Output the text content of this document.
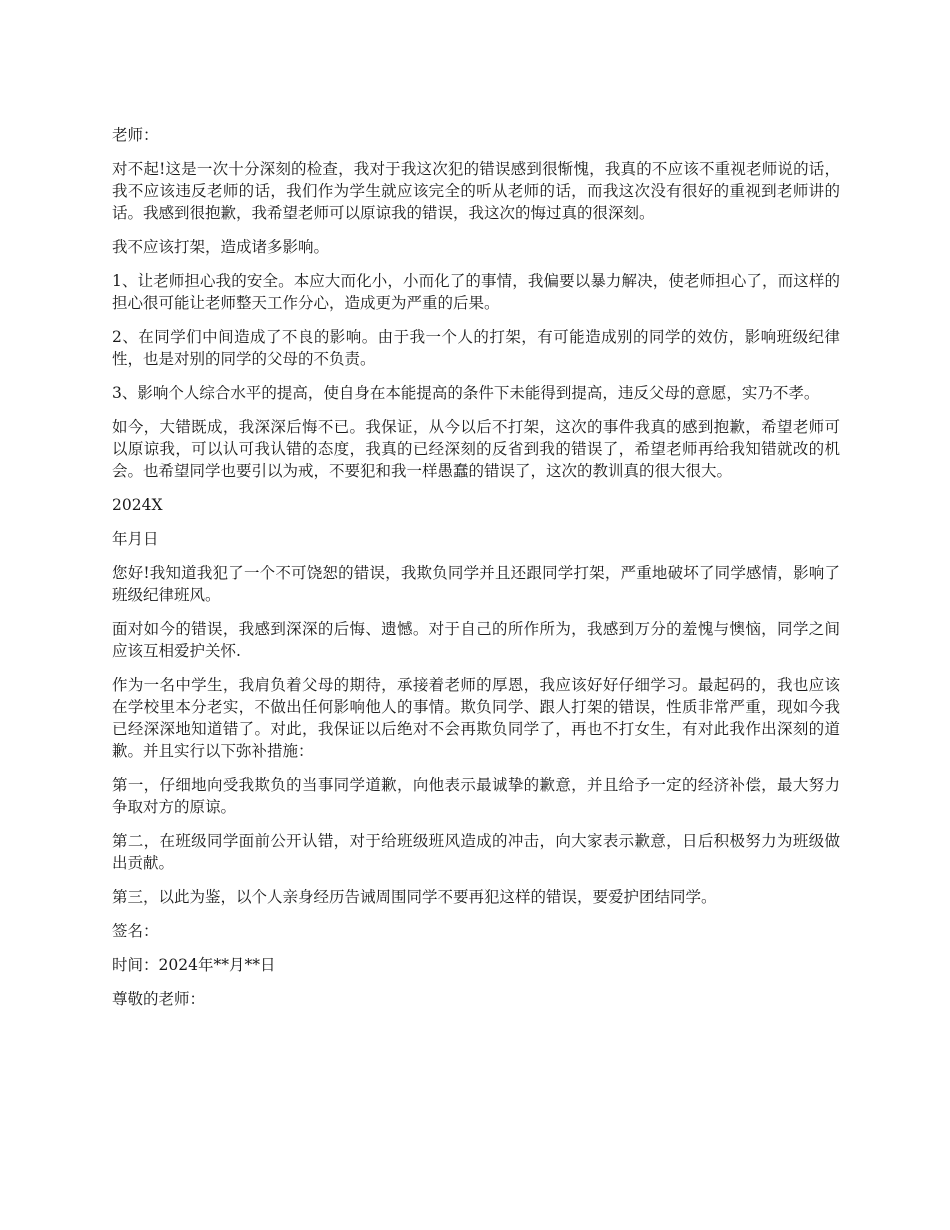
老师：

对不起!这是一次十分深刻的检查，我对于我这次犯的错误感到很惭愧，我真的不应该不重视老师说的话，我不应该违反老师的话，我们作为学生就应该完全的听从老师的话，而我这次没有很好的重视到老师讲的话。我感到很抱歉，我希望老师可以原谅我的错误，我这次的悔过真的很深刻。

我不应该打架，造成诸多影响。

1、让老师担心我的安全。本应大而化小，小而化了的事情，我偏要以暴力解决，使老师担心了，而这样的担心很可能让老师整天工作分心，造成更为严重的后果。

2、在同学们中间造成了不良的影响。由于我一个人的打架，有可能造成别的同学的效仿，影响班级纪律性，也是对别的同学的父母的不负责。

3、影响个人综合水平的提高，使自身在本能提高的条件下未能得到提高，违反父母的意愿，实乃不孝。

如今，大错既成，我深深后悔不已。我保证，从今以后不打架，这次的事件我真的感到抱歉，希望老师可以原谅我，可以认可我认错的态度，我真的已经深刻的反省到我的错误了，希望老师再给我知错就改的机会。也希望同学也要引以为戒，不要犯和我一样愚蠢的错误了，这次的教训真的很大很大。

2024X

年月日

您好!我知道我犯了一个不可饶恕的错误，我欺负同学并且还跟同学打架，严重地破坏了同学感情，影响了班级纪律班风。

面对如今的错误，我感到深深的后悔、遗憾。对于自己的所作所为，我感到万分的羞愧与懊恼，同学之间应该互相爱护关怀.

作为一名中学生，我肩负着父母的期待，承接着老师的厚恩，我应该好好仔细学习。最起码的，我也应该在学校里本分老实，不做出任何影响他人的事情。欺负同学、跟人打架的错误，性质非常严重，现如今我已经深深地知道错了。对此，我保证以后绝对不会再欺负同学了，再也不打女生，有对此我作出深刻的道歉。并且实行以下弥补措施：

第一，仔细地向受我欺负的当事同学道歉，向他表示最诚挚的歉意，并且给予一定的经济补偿，最大努力争取对方的原谅。

第二，在班级同学面前公开认错，对于给班级班风造成的冲击，向大家表示歉意，日后积极努力为班级做出贡献。

第三，以此为鉴，以个人亲身经历告诫周围同学不要再犯这样的错误，要爱护团结同学。

签名：

时间：2024年**月**日

尊敬的老师：
